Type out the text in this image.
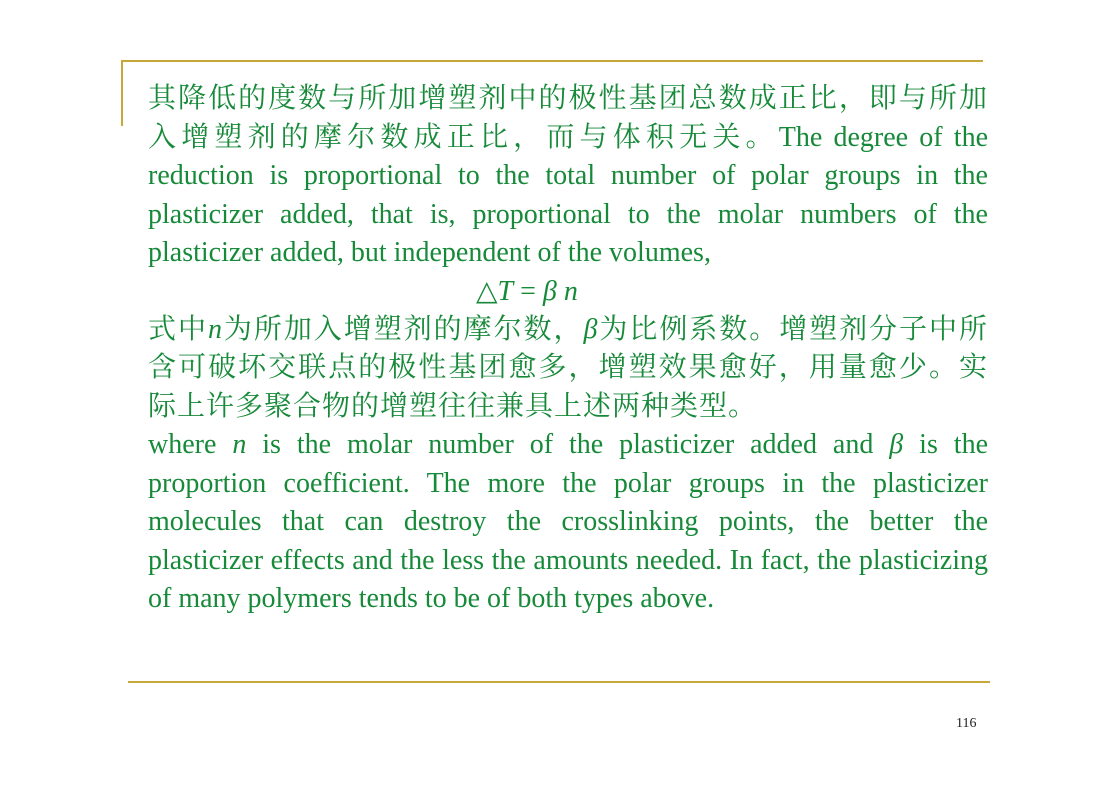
其降低的度数与所加增塑剂中的极性基团总数成正比，即与所加入增塑剂的摩尔数成正比，而与体积无关。The degree of the reduction is proportional to the total number of polar groups in the plasticizer added, that is, proportional to the molar numbers of the plasticizer added, but independent of the volumes,

△T = β n

式中n为所加入增塑剂的摩尔数，β为比例系数。增塑剂分子中所含可破坏交联点的极性基团愈多，增塑效果愈好，用量愈少。实际上许多聚合物的增塑往往兼具上述两种类型。

where n is the molar number of the plasticizer added and β is the proportion coefficient. The more the polar groups in the plasticizer molecules that can destroy the crosslinking points, the better the plasticizer effects and the less the amounts needed. In fact, the plasticizing of many polymers tends to be of both types above.

116
